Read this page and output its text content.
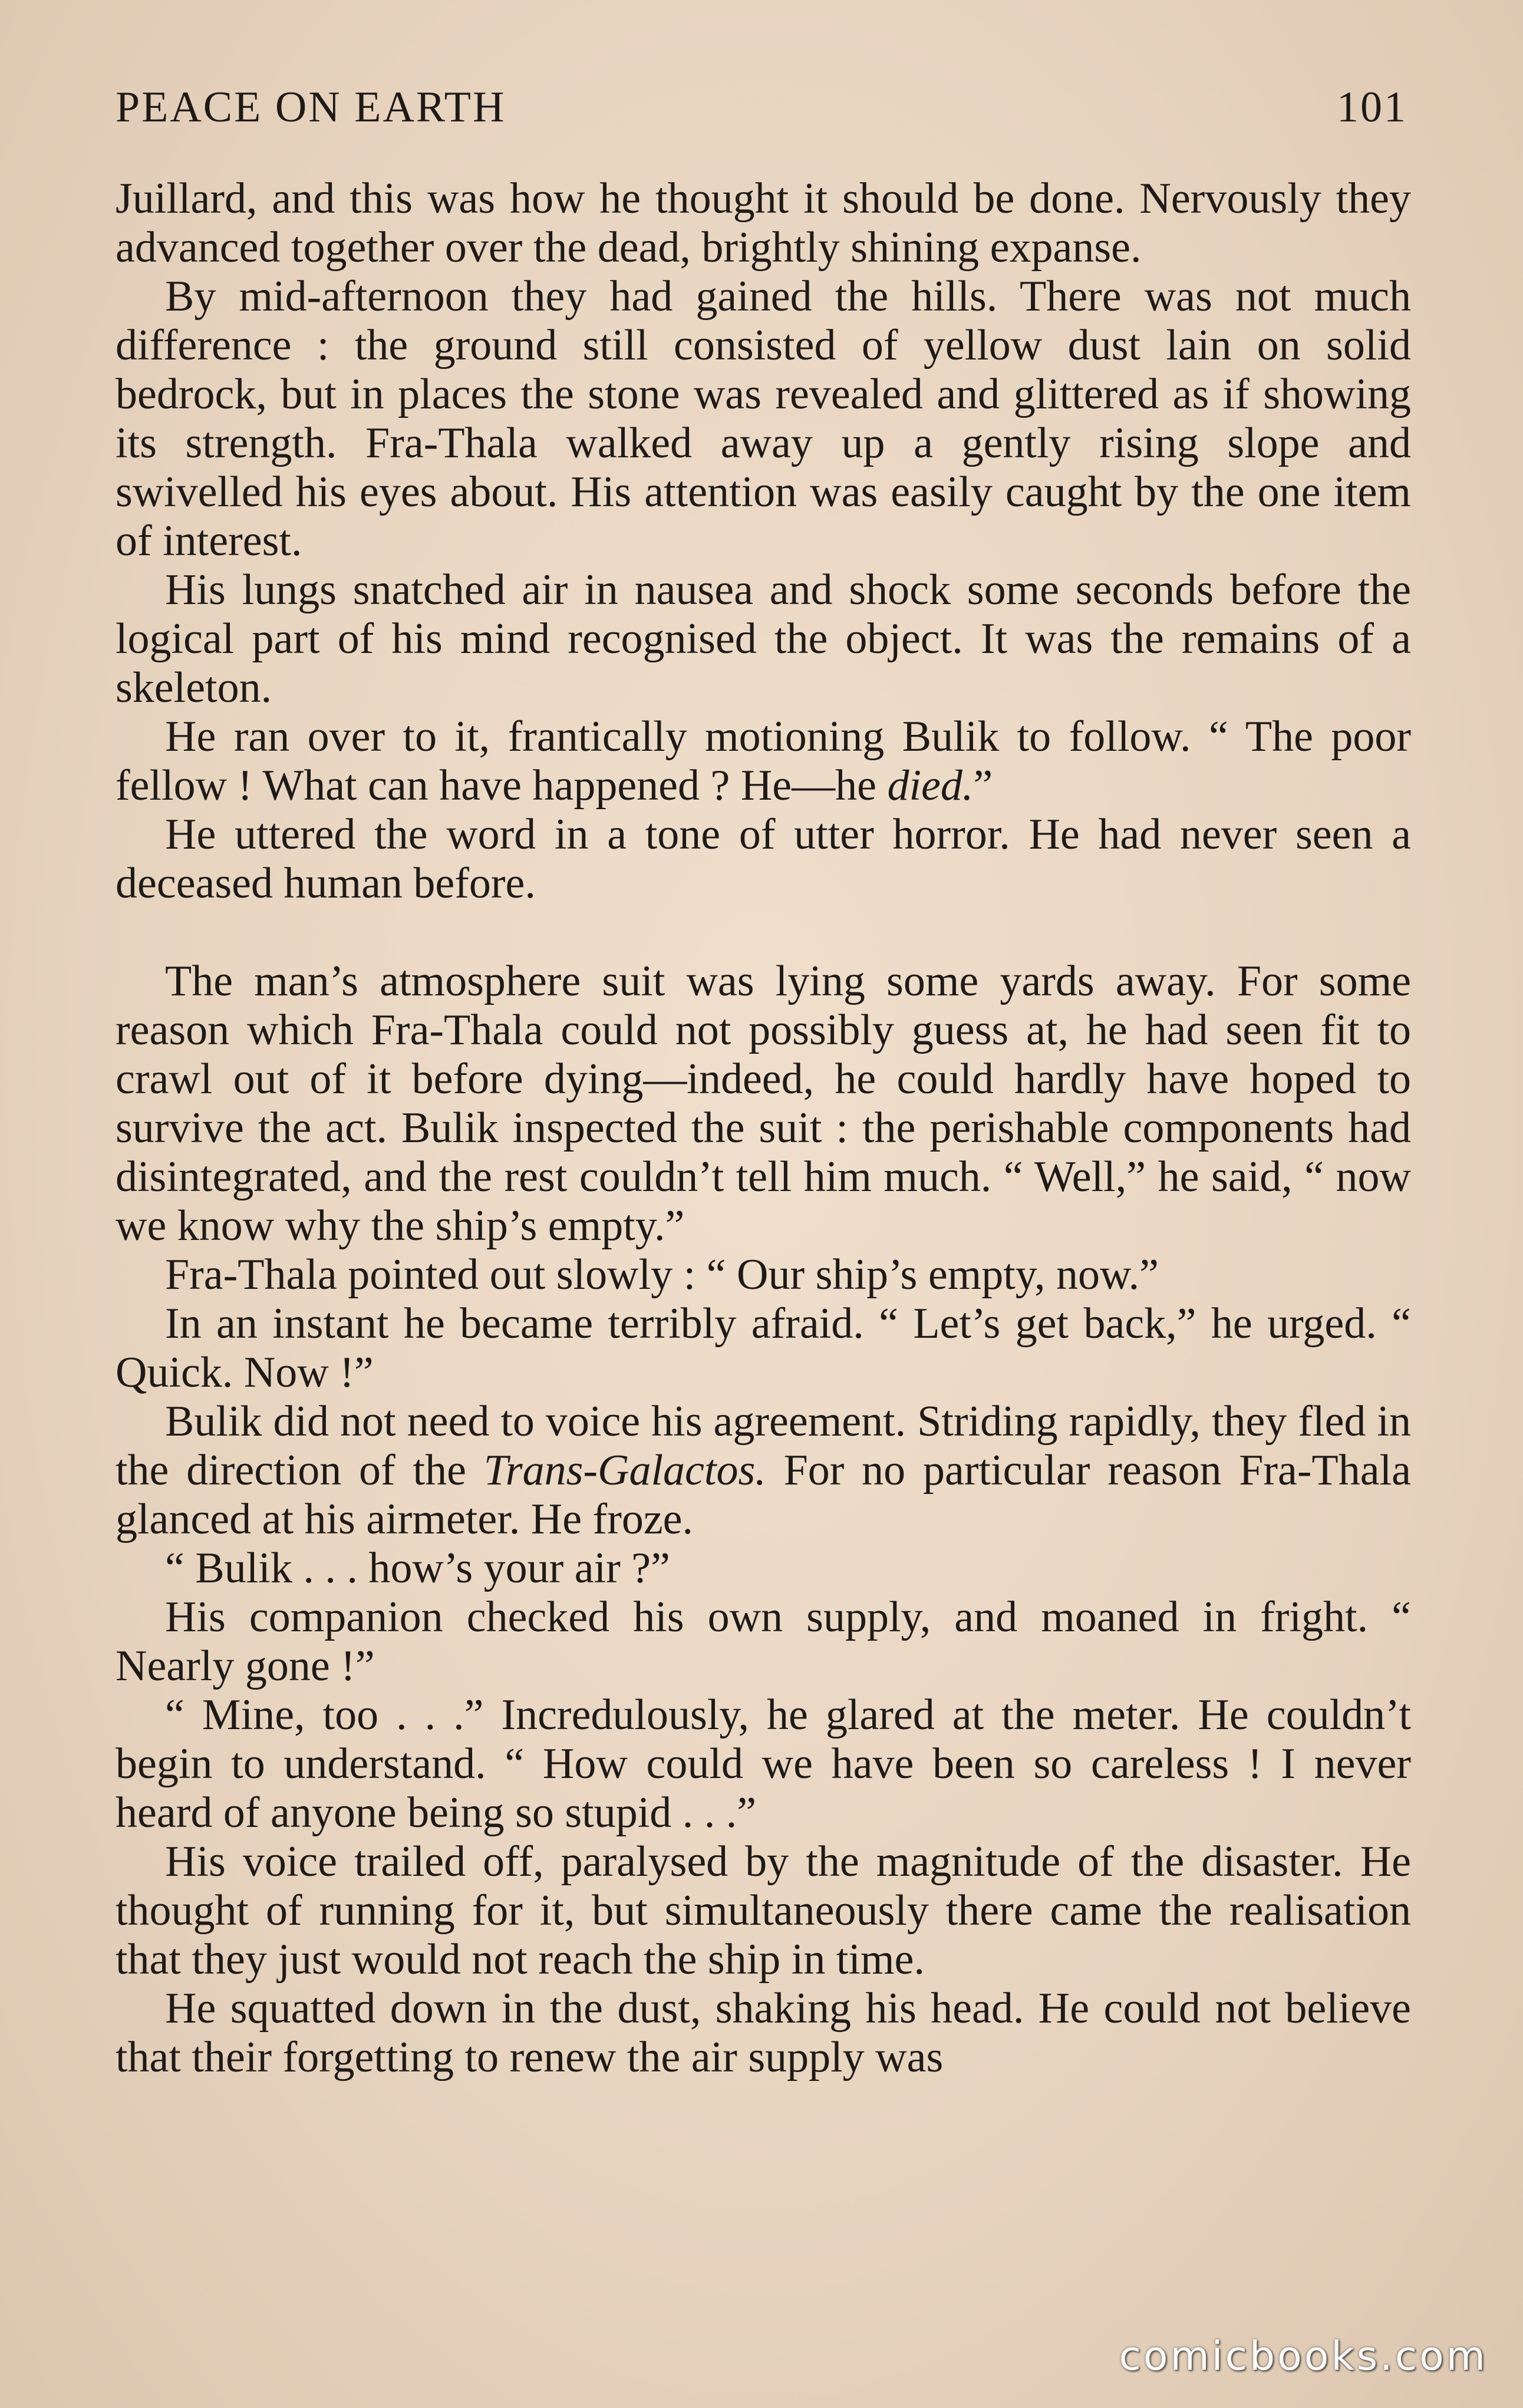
PEACE ON EARTH	101

Juillard, and this was how he thought it should be done. Nervously they advanced together over the dead, brightly shining expanse.

By mid-afternoon they had gained the hills. There was not much difference : the ground still consisted of yellow dust lain on solid bedrock, but in places the stone was revealed and glittered as if showing its strength. Fra-Thala walked away up a gently rising slope and swivelled his eyes about. His attention was easily caught by the one item of interest.

His lungs snatched air in nausea and shock some seconds before the logical part of his mind recognised the object. It was the remains of a skeleton.

He ran over to it, frantically motioning Bulik to follow. “ The poor fellow ! What can have happened ? He—he died.”

He uttered the word in a tone of utter horror. He had never seen a deceased human before.

The man’s atmosphere suit was lying some yards away. For some reason which Fra-Thala could not possibly guess at, he had seen fit to crawl out of it before dying—indeed, he could hardly have hoped to survive the act. Bulik inspected the suit : the perishable components had disintegrated, and the rest couldn’t tell him much. “ Well,” he said, “ now we know why the ship’s empty.”

Fra-Thala pointed out slowly : “ Our ship’s empty, now.”

In an instant he became terribly afraid. “ Let’s get back,” he urged. “ Quick. Now !”

Bulik did not need to voice his agreement. Striding rapidly, they fled in the direction of the Trans-Galactos. For no particular reason Fra-Thala glanced at his airmeter. He froze.

“ Bulik . . . how’s your air ?”

His companion checked his own supply, and moaned in fright. “ Nearly gone !”

“ Mine, too . . .” Incredulously, he glared at the meter. He couldn’t begin to understand. “ How could we have been so careless ! I never heard of anyone being so stupid . . .”

His voice trailed off, paralysed by the magnitude of the disaster. He thought of running for it, but simultaneously there came the realisation that they just would not reach the ship in time.

He squatted down in the dust, shaking his head. He could not believe that their forgetting to renew the air supply was

comicbooks.com
